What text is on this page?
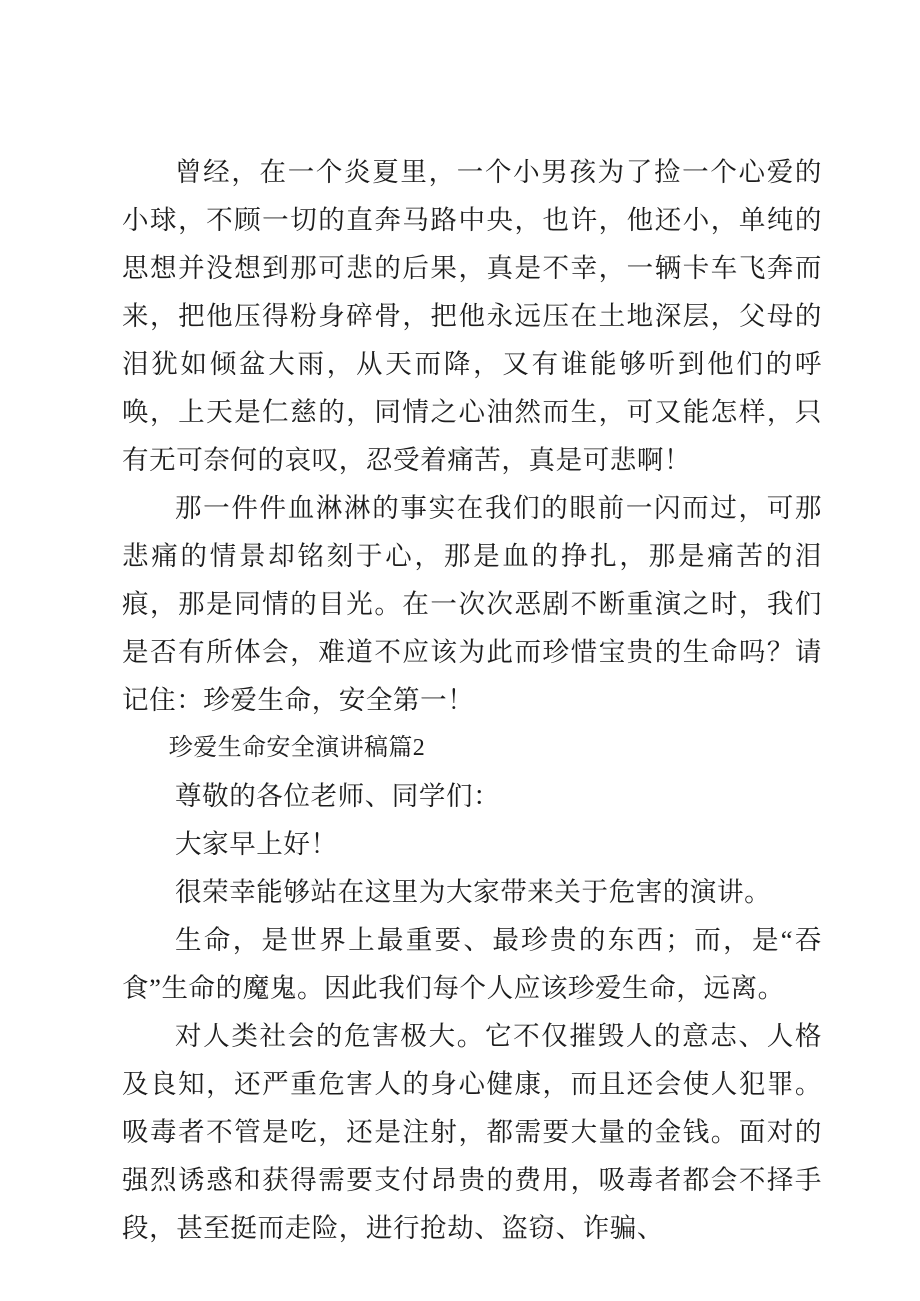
曾经，在一个炎夏里，一个小男孩为了捡一个心爱的小球，不顾一切的直奔马路中央，也许，他还小，单纯的思想并没想到那可悲的后果，真是不幸，一辆卡车飞奔而来，把他压得粉身碎骨，把他永远压在土地深层，父母的泪犹如倾盆大雨，从天而降，又有谁能够听到他们的呼唤，上天是仁慈的，同情之心油然而生，可又能怎样，只有无可奈何的哀叹，忍受着痛苦，真是可悲啊！

那一件件血淋淋的事实在我们的眼前一闪而过，可那悲痛的情景却铭刻于心，那是血的挣扎，那是痛苦的泪痕，那是同情的目光。在一次次恶剧不断重演之时，我们是否有所体会，难道不应该为此而珍惜宝贵的生命吗？请记住：珍爱生命，安全第一！

珍爱生命安全演讲稿篇2

尊敬的各位老师、同学们：

大家早上好！

很荣幸能够站在这里为大家带来关于危害的演讲。

生命，是世界上最重要、最珍贵的东西；而，是“吞食”生命的魔鬼。因此我们每个人应该珍爱生命，远离。

对人类社会的危害极大。它不仅摧毁人的意志、人格及良知，还严重危害人的身心健康，而且还会使人犯罪。吸毒者不管是吃，还是注射，都需要大量的金钱。面对的强烈诱惑和获得需要支付昂贵的费用，吸毒者都会不择手段，甚至挺而走险，进行抢劫、盗窃、诈骗、
